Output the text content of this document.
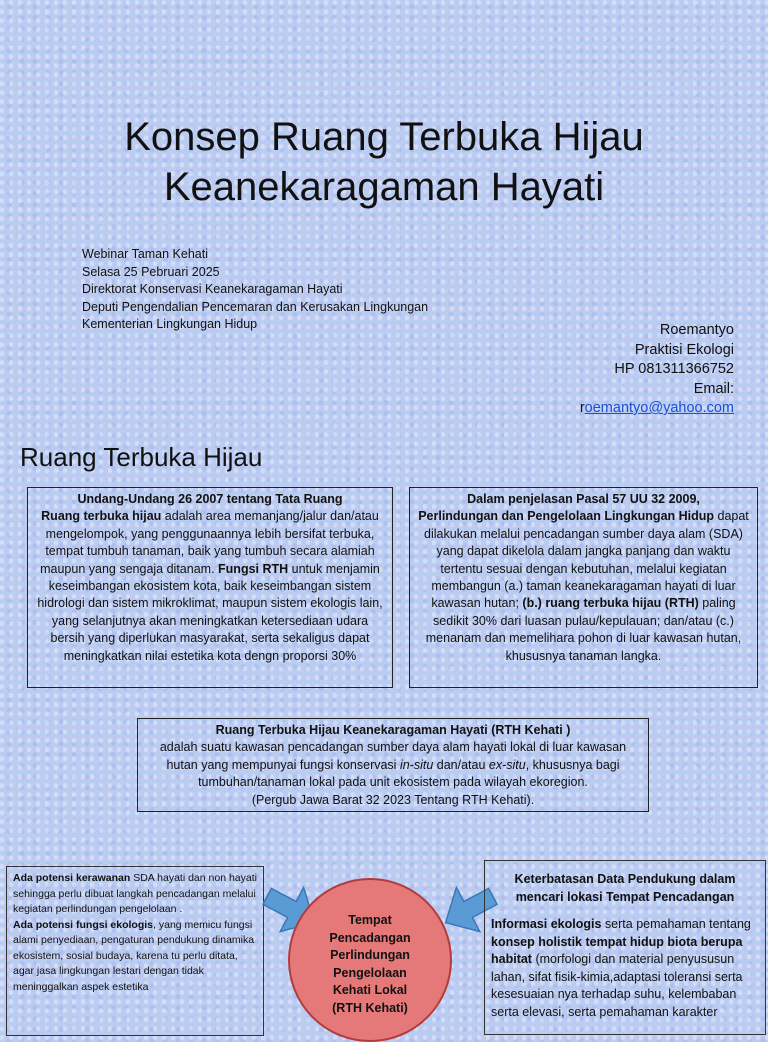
Konsep Ruang Terbuka Hijau
Keanekaragaman Hayati
Webinar Taman Kehati
Selasa 25 Pebruari 2025
Direktorat Konservasi Keanekaragaman Hayati
Deputi Pengendalian Pencemaran dan Kerusakan Lingkungan
Kementerian Lingkungan Hidup	Roemantyo
Praktisi Ekologi
HP 081311366752
Email:
roemantyo@yahoo.com
Ruang Terbuka Hijau
Undang-Undang 26 2007 tentang Tata Ruang
Ruang terbuka hijau adalah area memanjang/jalur dan/atau mengelompok, yang penggunaannya lebih bersifat terbuka, tempat tumbuh tanaman, baik yang tumbuh secara alamiah maupun yang sengaja ditanam. Fungsi RTH untuk menjamin keseimbangan ekosistem kota, baik keseimbangan sistem hidrologi dan sistem mikroklimat, maupun sistem ekologis lain, yang selanjutnya akan meningkatkan ketersediaan udara bersih yang diperlukan masyarakat, serta sekaligus dapat meningkatkan nilai estetika kota dengn proporsi 30%
Dalam penjelasan Pasal 57 UU 32 2009,
Perlindungan dan Pengelolaan Lingkungan Hidup dapat dilakukan melalui pencadangan sumber daya alam (SDA) yang dapat dikelola dalam jangka panjang dan waktu tertentu sesuai dengan kebutuhan, melalui kegiatan membangun (a.) taman keanekaragaman hayati di luar kawasan hutan; (b.) ruang terbuka hijau (RTH) paling sedikit 30% dari luasan pulau/kepulauan; dan/atau (c.) menanam dan memelihara pohon di luar kawasan hutan, khususnya tanaman langka.
Ruang Terbuka Hijau Keanekaragaman Hayati (RTH Kehati )
adalah suatu kawasan pencadangan sumber daya alam hayati lokal di luar kawasan hutan yang mempunyai fungsi konservasi in-situ dan/atau ex-situ, khususnya bagi tumbuhan/tanaman lokal pada unit ekosistem pada wilayah ekoregion.
(Pergub Jawa Barat 32 2023 Tentang RTH Kehati).
Ada potensi kerawanan SDA hayati dan non hayati sehingga perlu dibuat langkah pencadangan melalui kegiatan perlindungan pengelolaan .
Ada potensi fungsi ekologis, yang memicu fungsi alami penyediaan, pengaturan pendukung dinamika ekosistem, sosial budaya, karena tu perlu ditata, agar jasa lingkungan lestari dengan tidak meninggalkan aspek estetika
Tempat
Pencadangan
Perlindungan
Pengelolaan
Kehati Lokal
(RTH Kehati)
Keterbatasan Data Pendukung dalam mencari lokasi Tempat Pencadangan
Informasi ekologis serta pemahaman tentang konsep holistik tempat hidup biota berupa habitat (morfologi dan material penyususun lahan, sifat fisik-kimia,adaptasi toleransi serta kesesuaian nya terhadap suhu, kelembaban serta elevasi, serta pemahaman karakter
